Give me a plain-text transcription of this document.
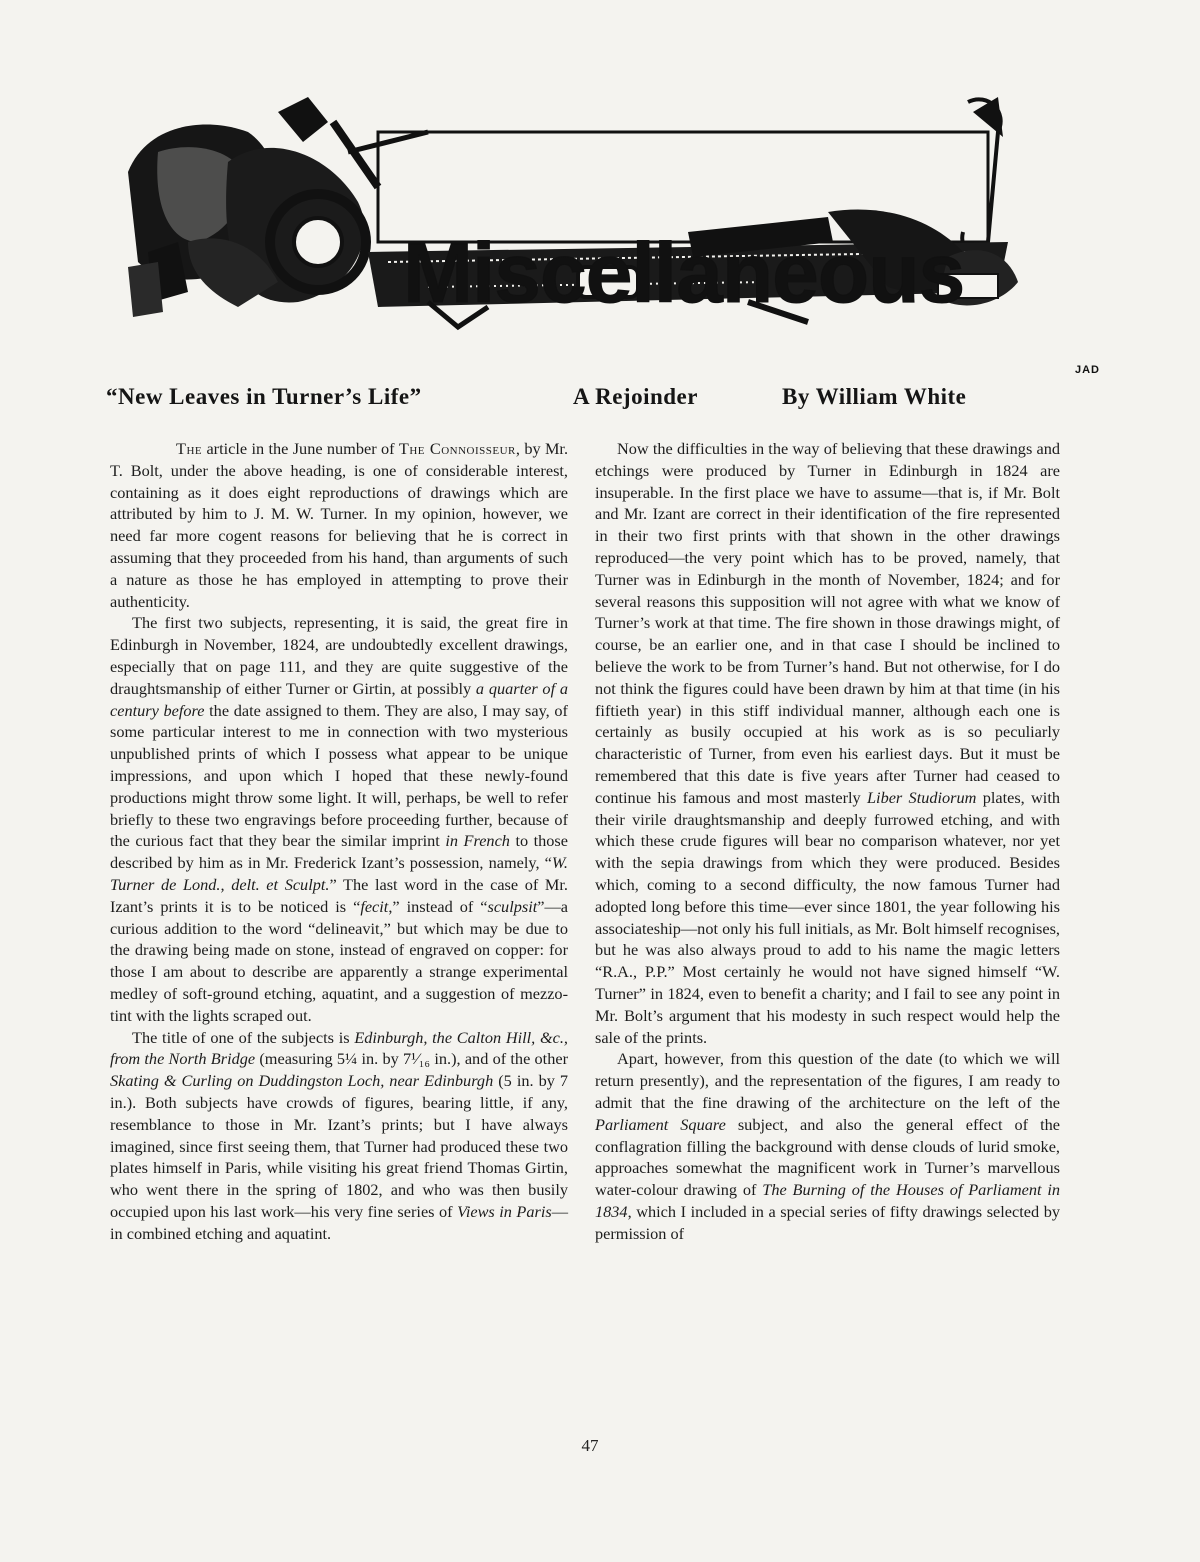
Miscellaneous
JAD
“New Leaves in Turner’s Life”	A Rejoinder	By William White

The article in the June number of The Connoisseur, by Mr. T. Bolt, under the above heading, is one of considerable interest, containing as it does eight reproductions of drawings which are attributed by him to J. M. W. Turner. In my opinion, however, we need far more cogent reasons for believing that he is correct in assuming that they proceeded from his hand, than arguments of such a nature as those he has employed in attempting to prove their authenticity.

The first two subjects, representing, it is said, the great fire in Edinburgh in November, 1824, are undoubtedly excellent drawings, especially that on page 111, and they are quite suggestive of the draughtsmanship of either Turner or Girtin, at possibly a quarter of a century before the date assigned to them. They are also, I may say, of some particular interest to me in connection with two mysterious unpublished prints of which I possess what appear to be unique impressions, and upon which I hoped that these newly-found productions might throw some light. It will, perhaps, be well to refer briefly to these two engravings before proceeding further, because of the curious fact that they bear the similar imprint in French to those described by him as in Mr. Frederick Izant’s possession, namely, “W. Turner de Lond., delt. et Sculpt.” The last word in the case of Mr. Izant’s prints it is to be noticed is “fecit,” instead of “sculpsit”—a curious addition to the word “delineavit,” but which may be due to the drawing being made on stone, instead of engraved on copper: for those I am about to describe are apparently a strange experimental medley of soft-ground etching, aquatint, and a suggestion of mezzo-tint with the lights scraped out.

The title of one of the subjects is Edinburgh, the Calton Hill, &c., from the North Bridge (measuring 5¼ in. by 7¹⁄₁₆ in.), and of the other Skating & Curling on Duddingston Loch, near Edinburgh (5 in. by 7 in.). Both subjects have crowds of figures, bearing little, if any, resemblance to those in Mr. Izant’s prints; but I have always imagined, since first seeing them, that Turner had produced these two plates himself in Paris, while visiting his great friend Thomas Girtin, who went there in the spring of 1802, and who was then busily occupied upon his last work—his very fine series of Views in Paris—in combined etching and aquatint.

Now the difficulties in the way of believing that these drawings and etchings were produced by Turner in Edinburgh in 1824 are insuperable. In the first place we have to assume—that is, if Mr. Bolt and Mr. Izant are correct in their identification of the fire represented in their two first prints with that shown in the other drawings reproduced—the very point which has to be proved, namely, that Turner was in Edinburgh in the month of November, 1824; and for several reasons this supposition will not agree with what we know of Turner’s work at that time. The fire shown in those drawings might, of course, be an earlier one, and in that case I should be inclined to believe the work to be from Turner’s hand. But not otherwise, for I do not think the figures could have been drawn by him at that time (in his fiftieth year) in this stiff individual manner, although each one is certainly as busily occupied at his work as is so peculiarly characteristic of Turner, from even his earliest days. But it must be remembered that this date is five years after Turner had ceased to continue his famous and most masterly Liber Studiorum plates, with their virile draughtsmanship and deeply furrowed etching, and with which these crude figures will bear no comparison whatever, nor yet with the sepia drawings from which they were produced. Besides which, coming to a second difficulty, the now famous Turner had adopted long before this time—ever since 1801, the year following his associateship—not only his full initials, as Mr. Bolt himself recognises, but he was also always proud to add to his name the magic letters “R.A., P.P.” Most certainly he would not have signed himself “W. Turner” in 1824, even to benefit a charity; and I fail to see any point in Mr. Bolt’s argument that his modesty in such respect would help the sale of the prints.

Apart, however, from this question of the date (to which we will return presently), and the representation of the figures, I am ready to admit that the fine drawing of the architecture on the left of the Parliament Square subject, and also the general effect of the conflagration filling the background with dense clouds of lurid smoke, approaches somewhat the magnificent work in Turner’s marvellous water-colour drawing of The Burning of the Houses of Parliament in 1834, which I included in a special series of fifty drawings selected by permission of

47
